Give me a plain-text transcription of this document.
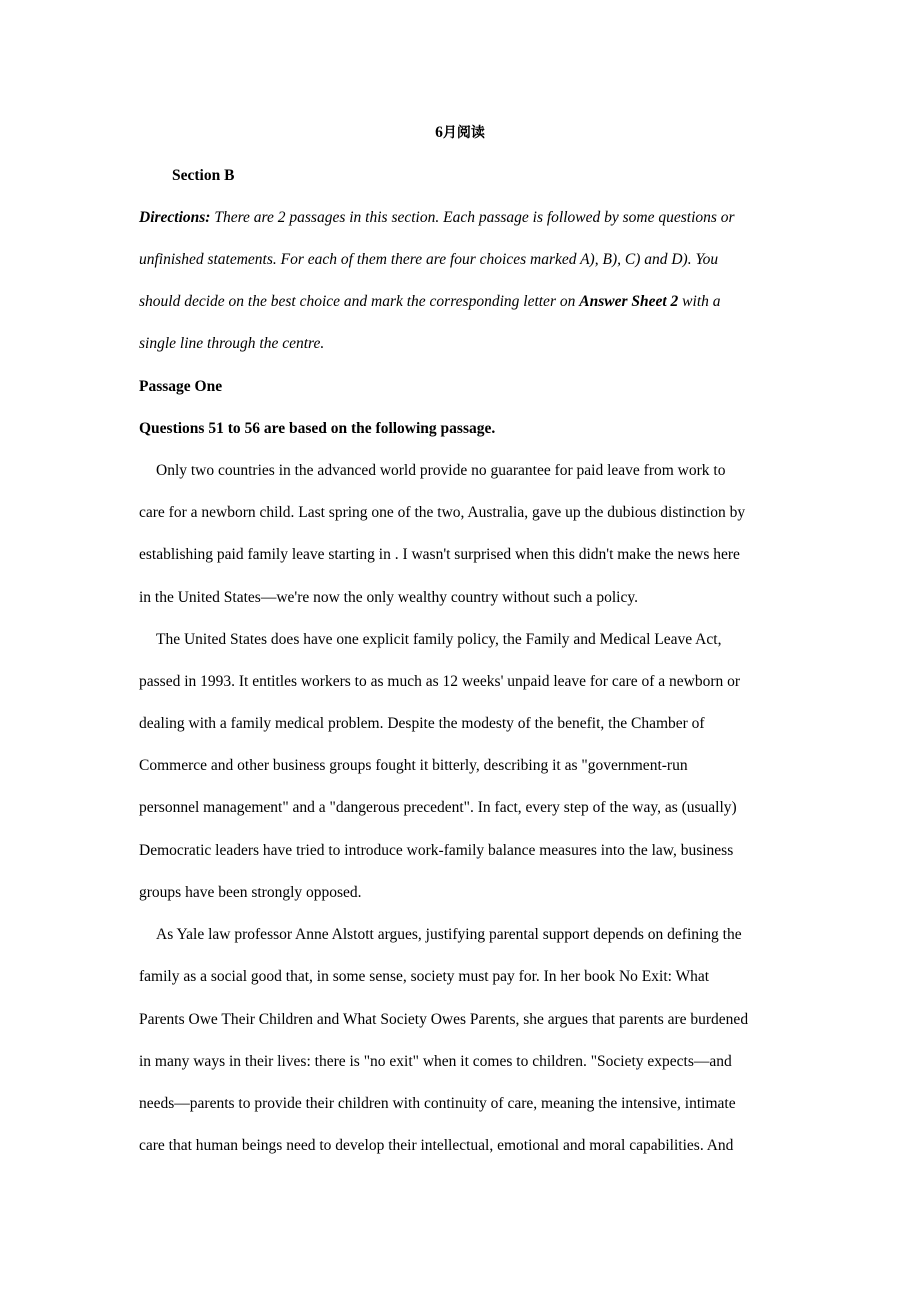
6月阅读
Section B
Directions: There are 2 passages in this section. Each passage is followed by some questions or
unfinished statements. For each of them there are four choices marked A), B), C) and D). You
should decide on the best choice and mark the corresponding letter on Answer Sheet 2 with a
single line through the centre.
Passage One
Questions 51 to 56 are based on the following passage.
Only two countries in the advanced world provide no guarantee for paid leave from work to
care for a newborn child. Last spring one of the two, Australia, gave up the dubious distinction by
establishing paid family leave starting in . I wasn't surprised when this didn't make the news here
in the United States—we're now the only wealthy country without such a policy.
The United States does have one explicit family policy, the Family and Medical Leave Act,
passed in 1993. It entitles workers to as much as 12 weeks' unpaid leave for care of a newborn or
dealing with a family medical problem. Despite the modesty of the benefit, the Chamber of
Commerce and other business groups fought it bitterly, describing it as "government-run
personnel management" and a "dangerous precedent". In fact, every step of the way, as (usually)
Democratic leaders have tried to introduce work-family balance measures into the law, business
groups have been strongly opposed.
As Yale law professor Anne Alstott argues, justifying parental support depends on defining the
family as a social good that, in some sense, society must pay for. In her book No Exit: What
Parents Owe Their Children and What Society Owes Parents, she argues that parents are burdened
in many ways in their lives: there is "no exit" when it comes to children. "Society expects—and
needs—parents to provide their children with continuity of care, meaning the intensive, intimate
care that human beings need to develop their intellectual, emotional and moral capabilities. And
